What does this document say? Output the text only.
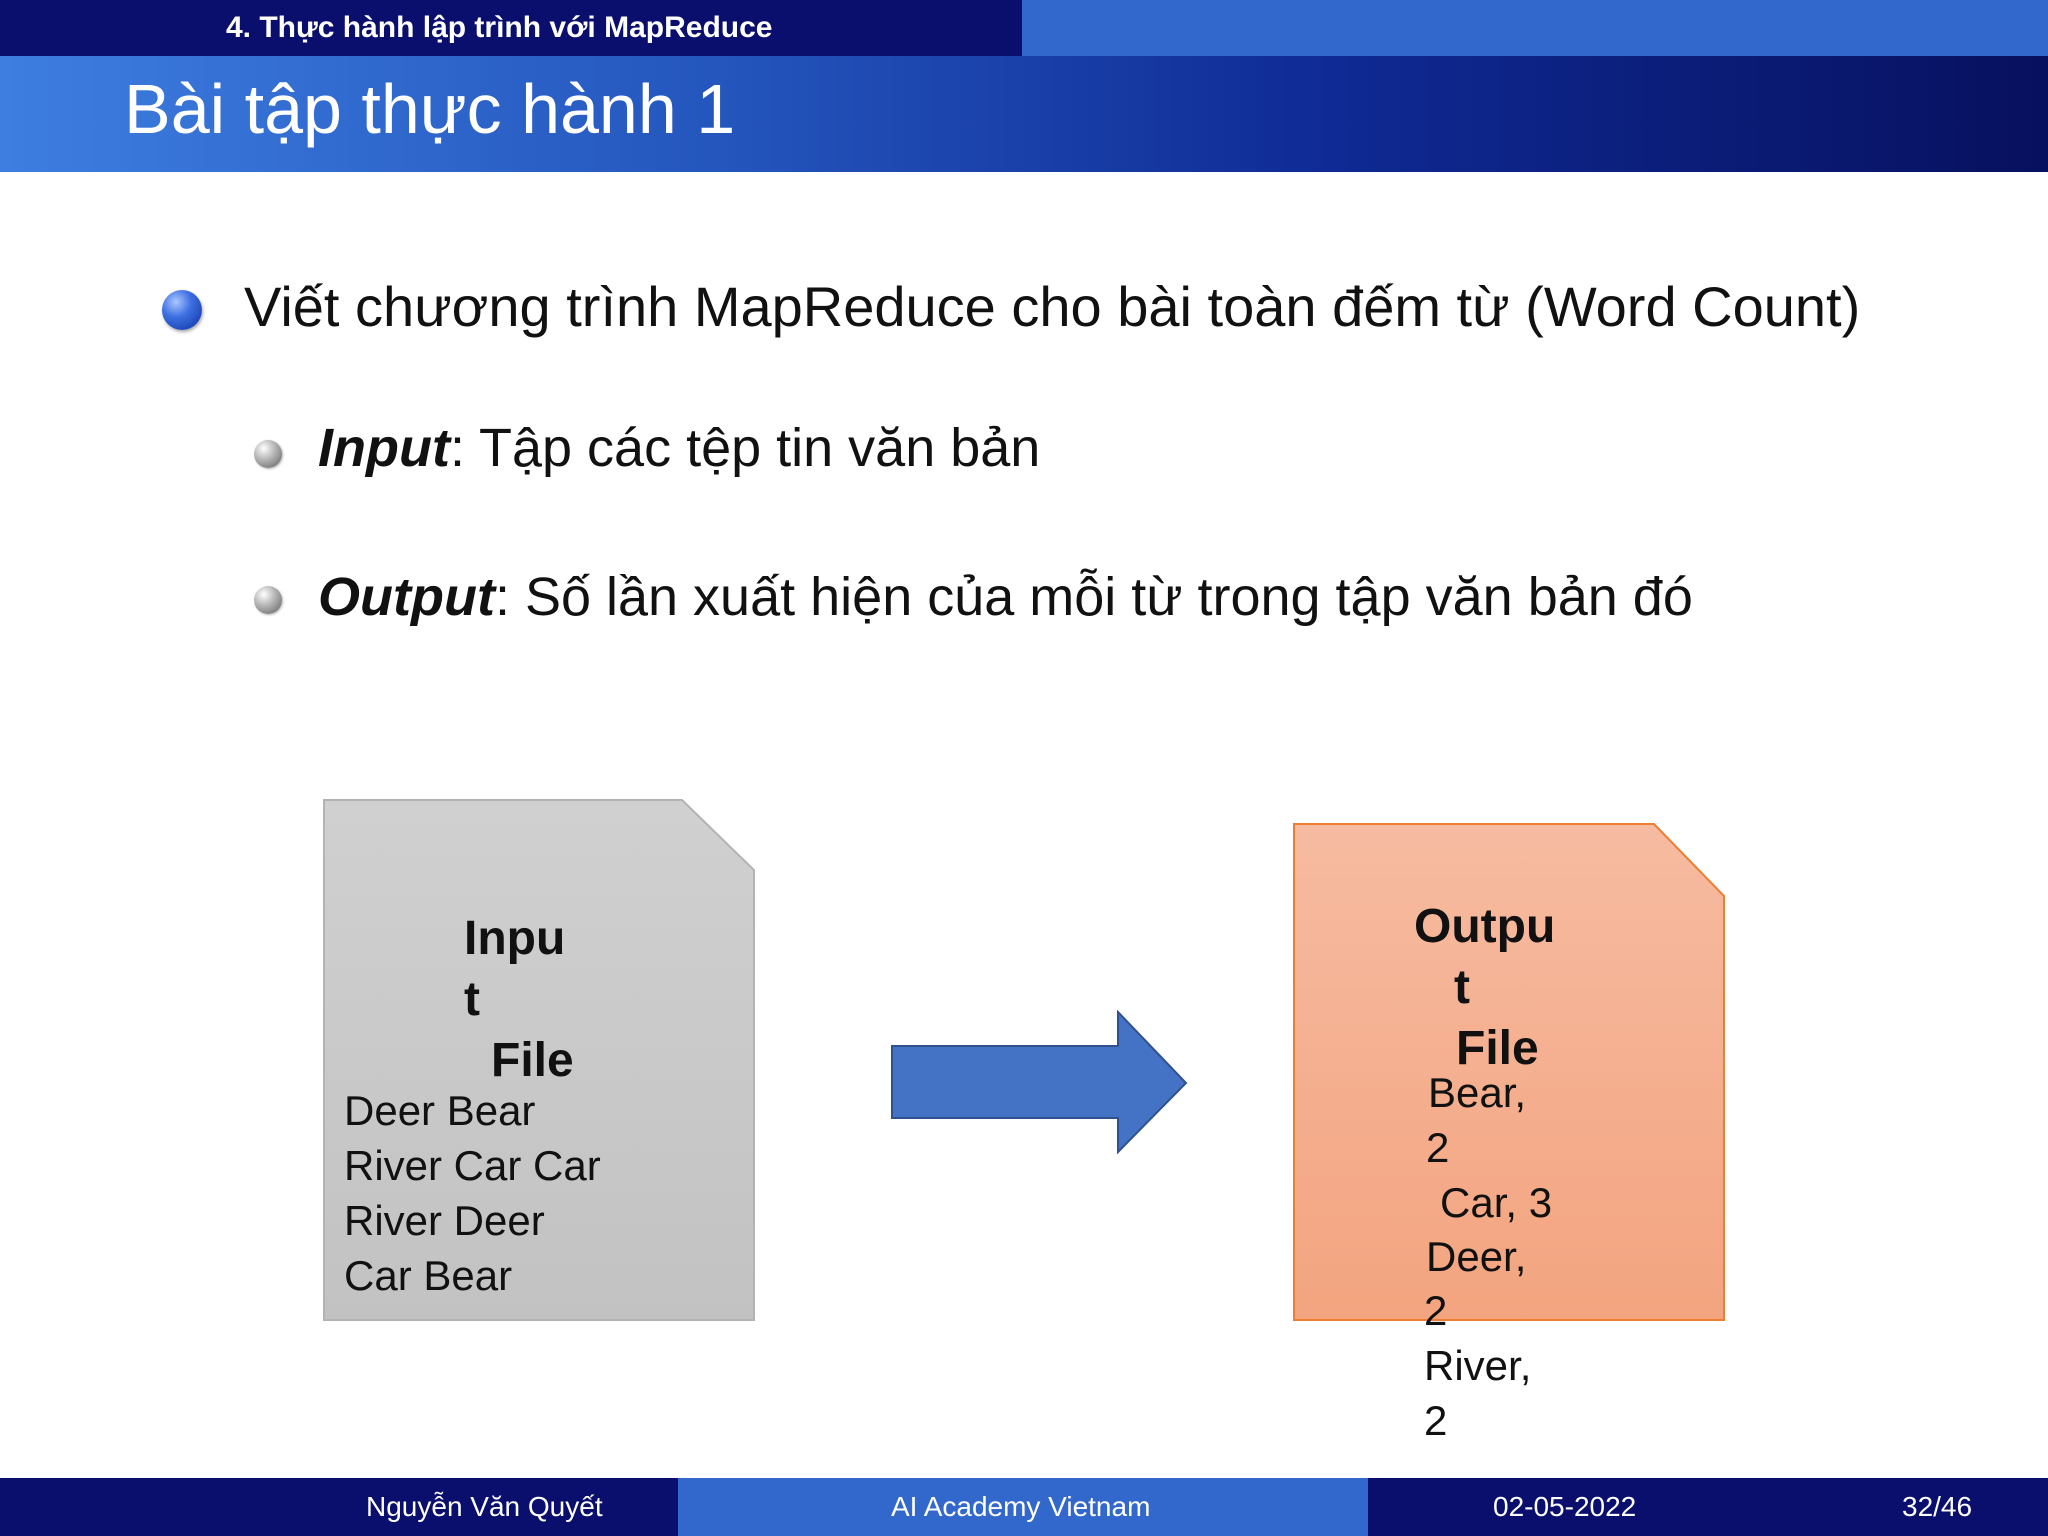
4. Thực hành lập trình với MapReduce
Bài tập thực hành 1
Viết chương trình MapReduce cho bài toàn đếm từ (Word Count)
Input: Tập các tệp tin văn bản
Output: Số lần xuất hiện của mỗi từ trong tập văn bản đó
Inpu
t
File
Deer Bear
River Car Car
River Deer
Car Bear
Outpu
t
File
Bear,
2
Car, 3
Deer,
2
River,
2
Nguyễn Văn Quyết	AI Academy Vietnam	02-05-2022	32/46
